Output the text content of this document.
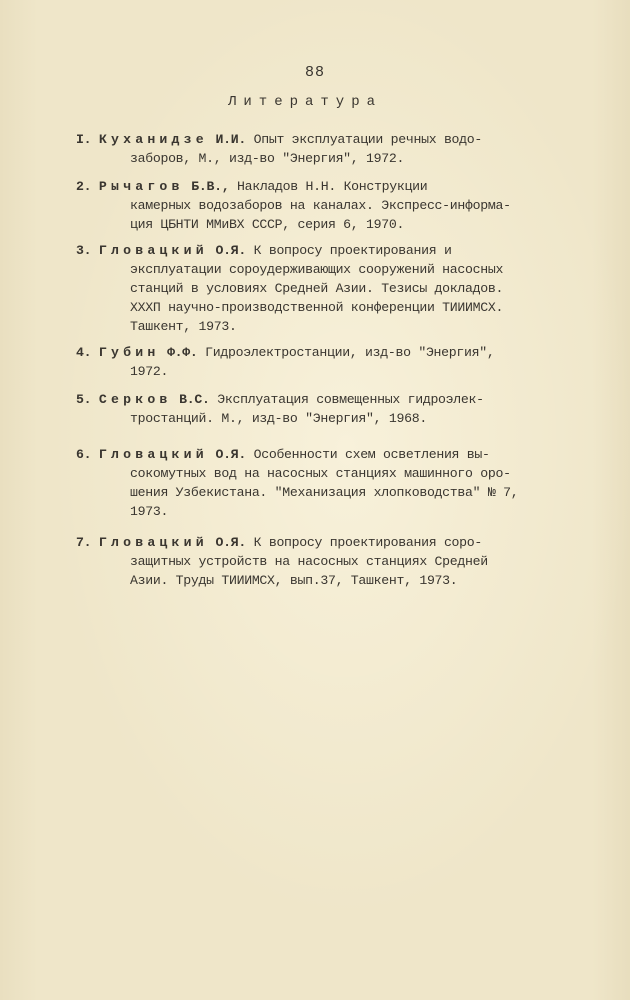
88
Литература
I. Куханидзе И.И. Опыт эксплуатации речных водо-
заборов, М., изд-во "Энергия", 1972.
2. Рычагов Б.В., Накладов Н.Н. Конструкции
камерных водозаборов на каналах. Экспресс-информа-
ция ЦБНТИ ММиВХ СССР, серия 6, 1970.
3. Гловацкий О.Я. К вопросу проектирования и
эксплуатации сороудерживающих сооружений насосных
станций в условиях Средней Азии. Тезисы докладов.
XXXП научно-производственной конференции ТИИИМСХ.
Ташкент, 1973.
4. Губин Ф.Ф. Гидроэлектростанции, изд-во "Энергия",
1972.
5. Серков В.С. Эксплуатация совмещенных гидроэлек-
тростанций. М., изд-во "Энергия", 1968.
6. Гловацкий О.Я. Особенности схем осветления вы-
сокомутных вод на насосных станциях машинного оро-
шения Узбекистана. "Механизация хлопководства" № 7,
1973.
7. Гловацкий О.Я. К вопросу проектирования соро-
защитных устройств на насосных станциях Средней
Азии. Труды ТИИИМСХ, вып.37, Ташкент, 1973.
